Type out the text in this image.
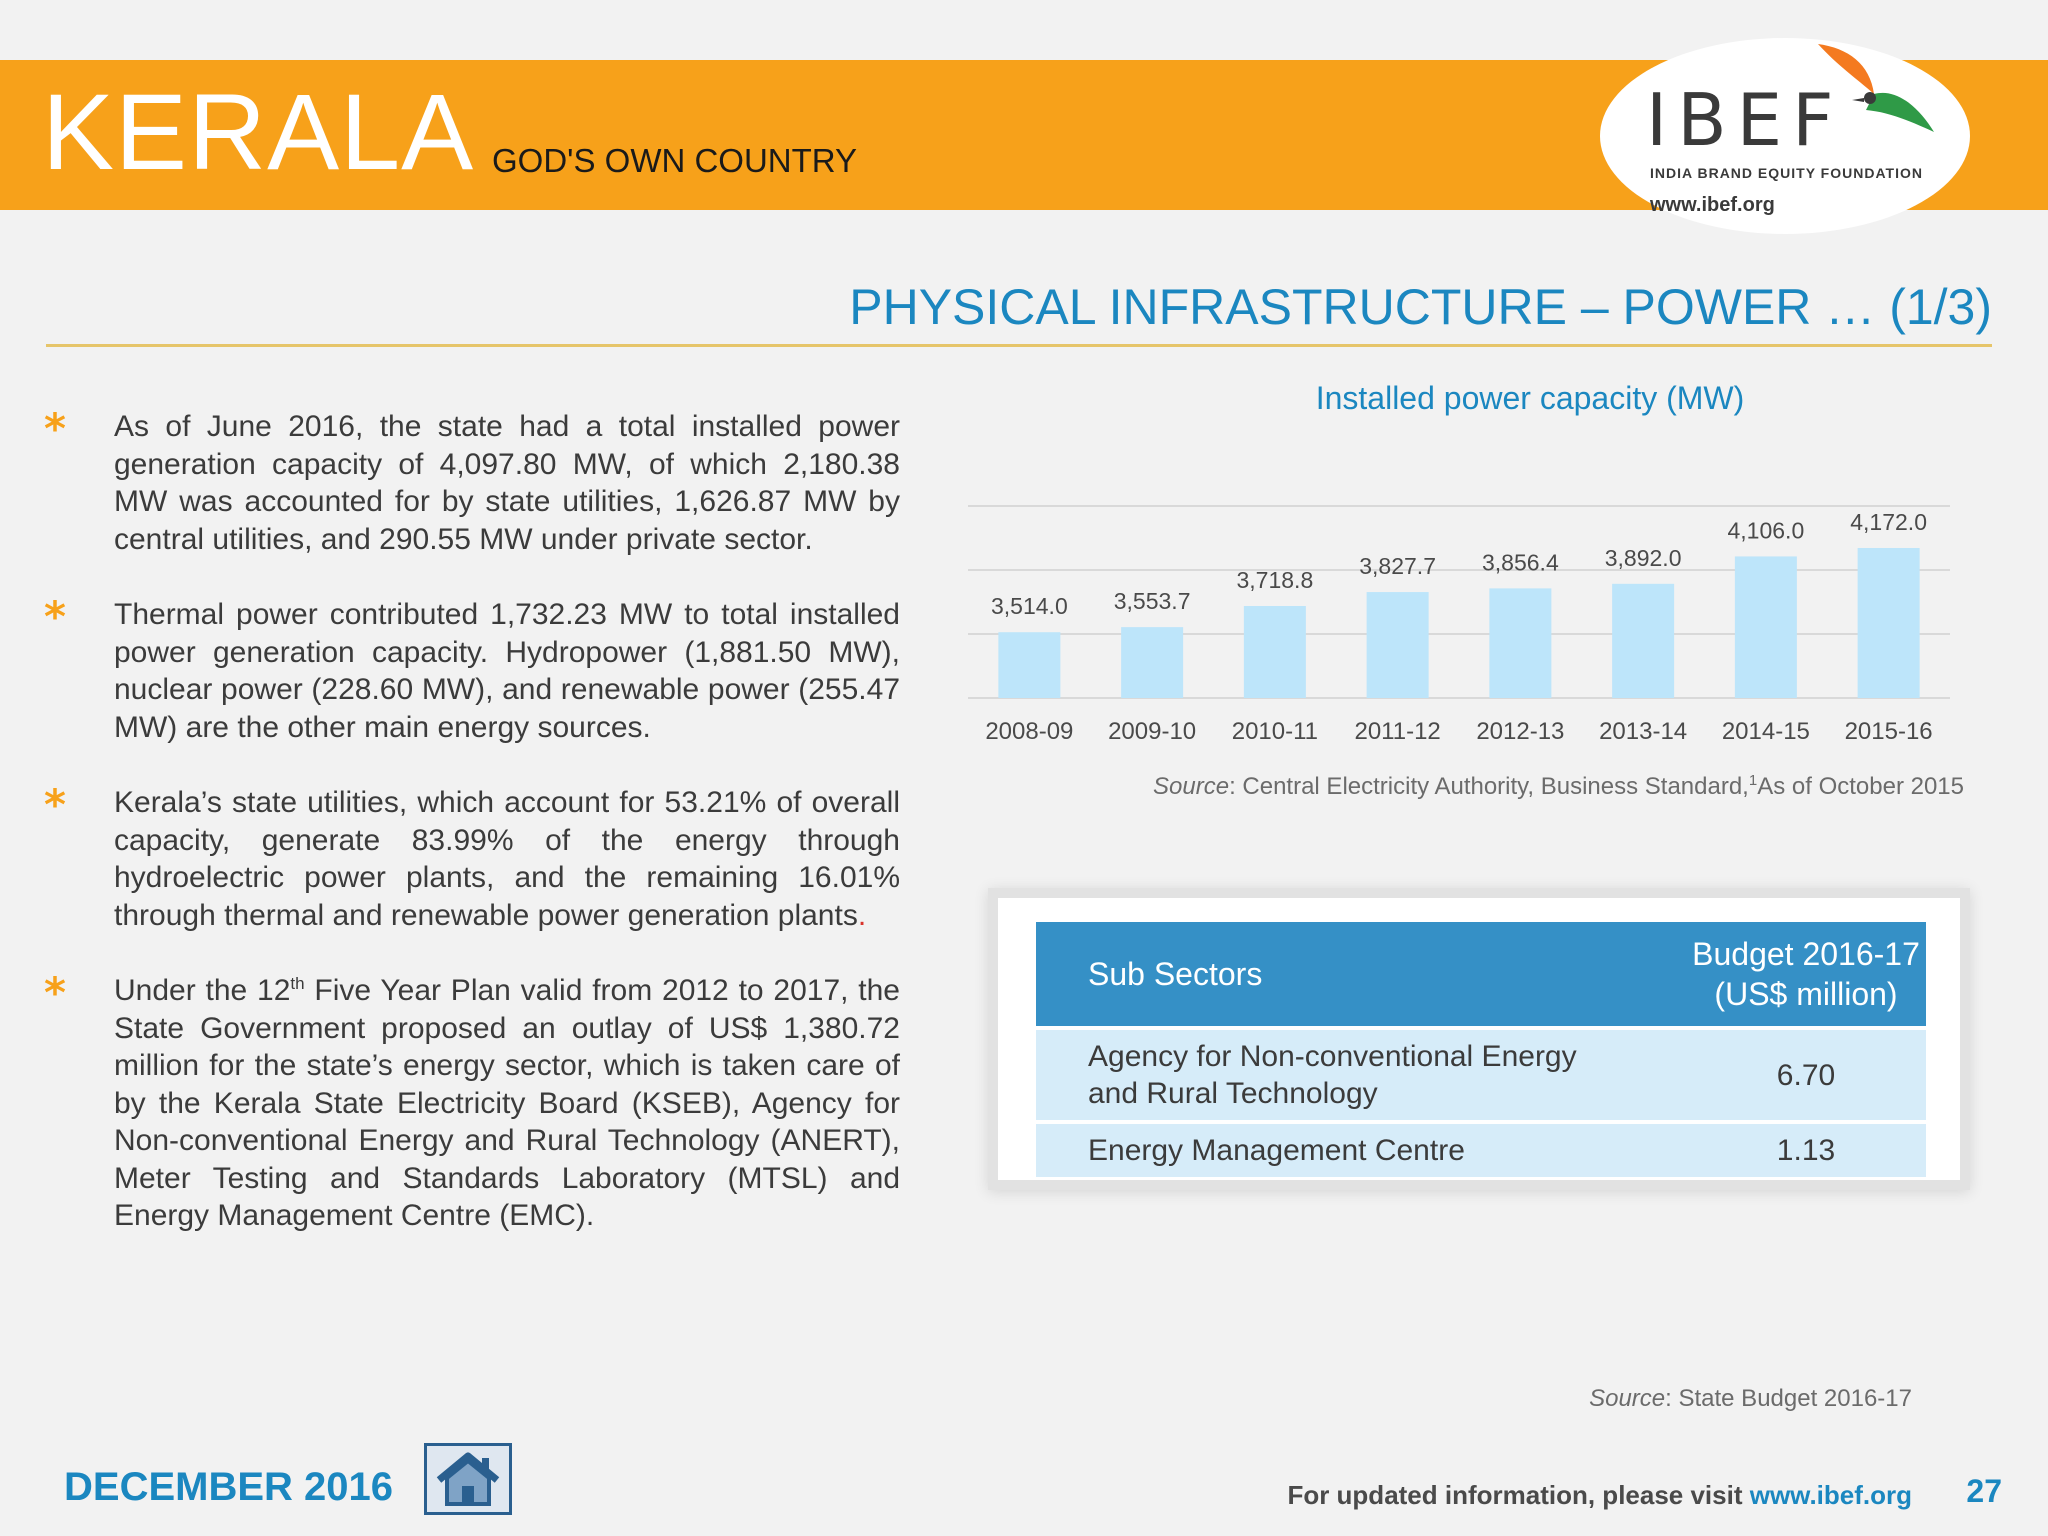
KERALA GOD'S OWN COUNTRY	IBEF
INDIA BRAND EQUITY FOUNDATION
www.ibef.org
PHYSICAL INFRASTRUCTURE – POWER … (1/3)
* As of June 2016, the state had a total installed power generation capacity of 4,097.80 MW, of which 2,180.38 MW was accounted for by state utilities, 1,626.87 MW by central utilities, and 290.55 MW under private sector.
* Thermal power contributed 1,732.23 MW to total installed power generation capacity. Hydropower (1,881.50 MW), nuclear power (228.60 MW), and renewable power (255.47 MW) are the other main energy sources.
* Kerala’s state utilities, which account for 53.21% of overall capacity, generate 83.99% of the energy through hydroelectric power plants, and the remaining 16.01% through thermal and renewable power generation plants.
* Under the 12th Five Year Plan valid from 2012 to 2017, the State Government proposed an outlay of US$ 1,380.72 million for the state’s energy sector, which is taken care of by the Kerala State Electricity Board (KSEB), Agency for Non-conventional Energy and Rural Technology (ANERT), Meter Testing and Standards Laboratory (MTSL) and Energy Management Centre (EMC).
Installed power capacity (MW)
3,514.0
2008-09
3,553.7
2009-10
3,718.8
2010-11
3,827.7
2011-12
3,856.4
2012-13
3,892.0
2013-14
4,106.0
2014-15
4,172.0
2015-16
Source: Central Electricity Authority, Business Standard,$^1$As of October 2015
Sub Sectors	Budget 2016-17
(US$ million)

Agency for Non-conventional Energy
and Rural Technology	6.70

Energy Management Centre	1.13
Source: State Budget 2016-17
DECEMBER 2016	For updated information, please visit www.ibef.org 27
